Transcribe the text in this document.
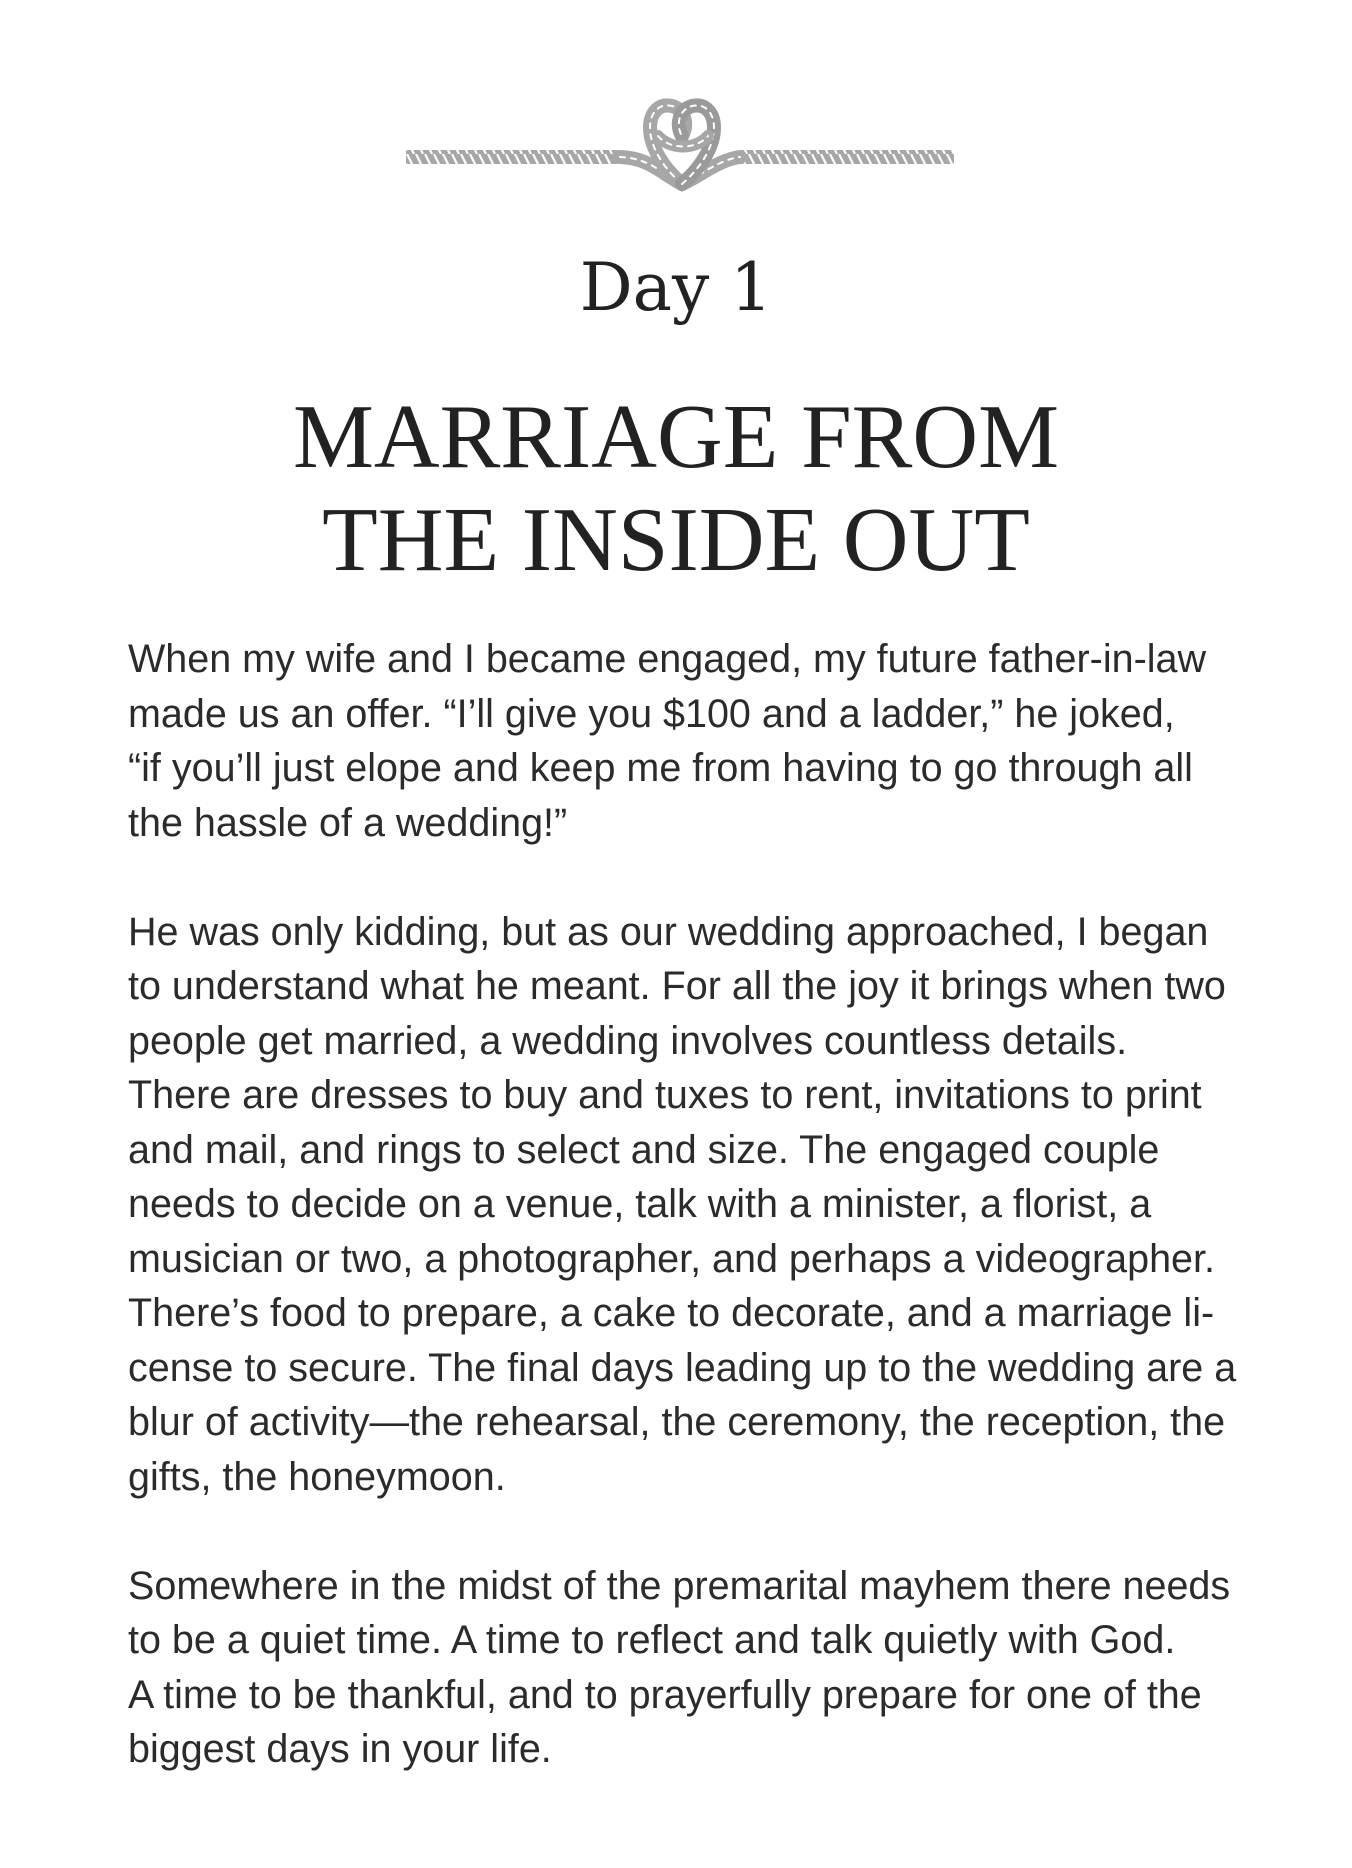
Day 1
MARRIAGE FROM
THE INSIDE OUT

When my wife and I became engaged, my future father-in-law
made us an offer. “I’ll give you $100 and a ladder,” he joked,
“if you’ll just elope and keep me from having to go through all
the hassle of a wedding!”

He was only kidding, but as our wedding approached, I began
to understand what he meant. For all the joy it brings when two
people get married, a wedding involves countless details.
There are dresses to buy and tuxes to rent, invitations to print
and mail, and rings to select and size. The engaged couple
needs to decide on a venue, talk with a minister, a florist, a
musician or two, a photographer, and perhaps a videographer.
There’s food to prepare, a cake to decorate, and a marriage li-
cense to secure. The final days leading up to the wedding are a
blur of activity—the rehearsal, the ceremony, the reception, the
gifts, the honeymoon.

Somewhere in the midst of the premarital mayhem there needs
to be a quiet time. A time to reflect and talk quietly with God.
A time to be thankful, and to prayerfully prepare for one of the
biggest days in your life.
